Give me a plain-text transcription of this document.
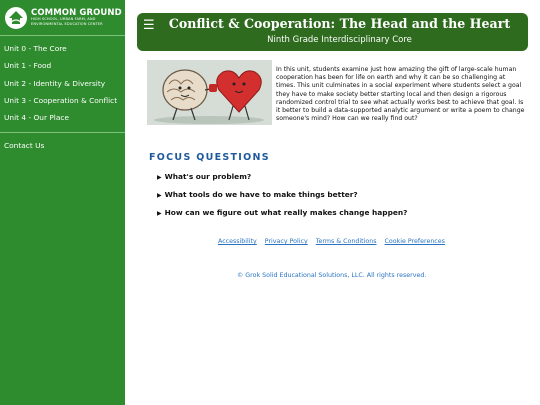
COMMON GROUND
HIGH SCHOOL, URBAN FARM, AND
ENVIRONMENTAL EDUCATION CENTER
Unit 0 - The Core
Unit 1 - Food
Unit 2 - Identity & Diversity
Unit 3 - Cooperation & Conflict
Unit 4 - Our Place
Contact Us
☰	Conflict & Cooperation: The Head and the Heart
Ninth Grade Interdisciplinary Core
In this unit, students examine just how amazing the gift of large-scale human cooperation has been for life on earth and why it can be so challenging at times. This unit culminates in a social experiment where students select a goal they have to make society better starting local and then design a rigorous randomized control trial to see what actually works best to achieve that goal. Is it better to build a data-supported analytic argument or write a poem to change someone's mind? How can we really find out?
FOCUS QUESTIONS
▶ What's our problem?
▶ What tools do we have to make things better?
▶ How can we figure out what really makes change happen?
Accessibility Privacy Policy Terms & Conditions Cookie Preferences
© Grok Solid Educational Solutions, LLC. All rights reserved.
